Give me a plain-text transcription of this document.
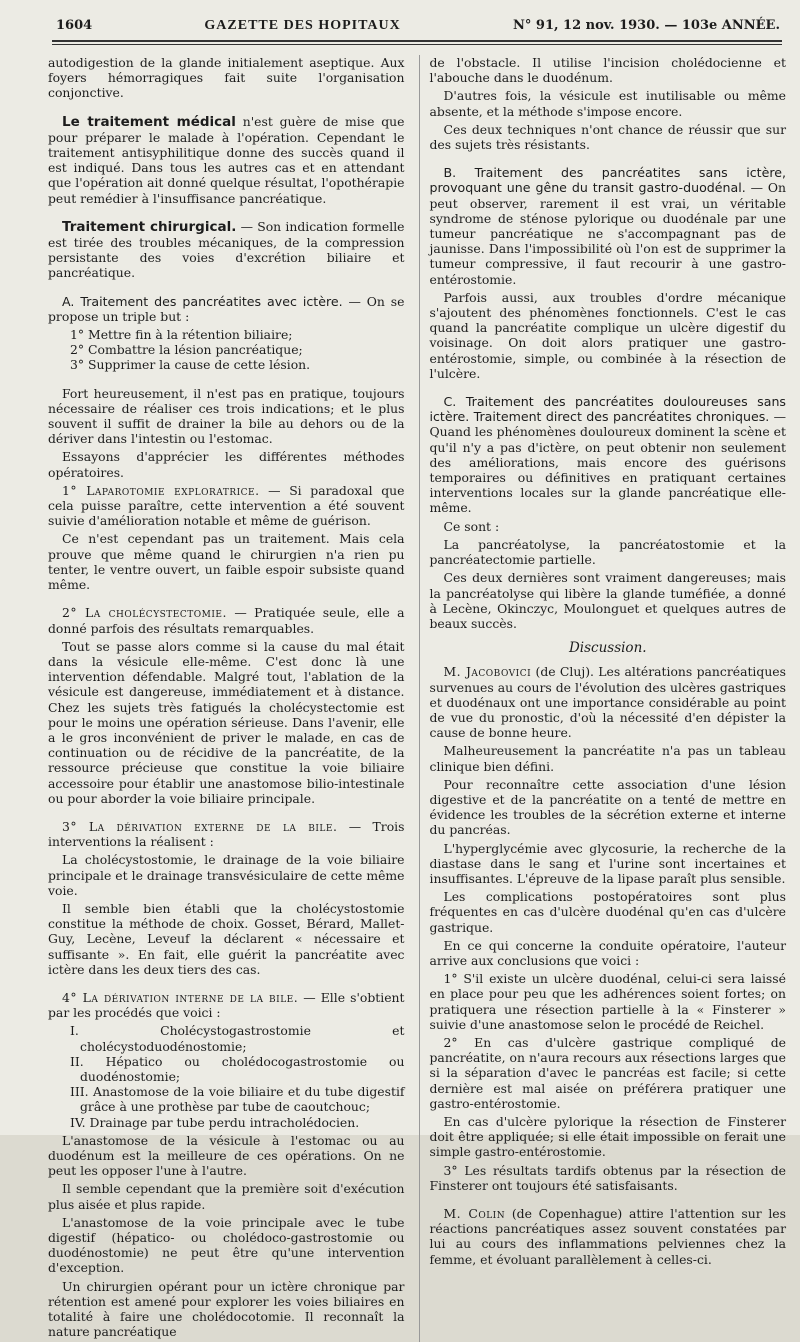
1604	GAZETTE DES HOPITAUX	N° 91, 12 nov. 1930. — 103e ANNÉE.

autodigestion de la glande initialement aseptique. Aux foyers hémorragiques fait suite l'organisation conjonctive.

Le traitement médical n'est guère de mise que pour préparer le malade à l'opération. Cependant le traitement antisyphilitique donne des succès quand il est indiqué. Dans tous les autres cas et en attendant que l'opération ait donné quelque résultat, l'opothérapie peut remédier à l'insuffisance pancréatique.

Traitement chirurgical. — Son indication formelle est tirée des troubles mécaniques, de la compression persistante des voies d'excrétion biliaire et pancréatique.

A. Traitement des pancréatites avec ictère. — On se propose un triple but :

1° Mettre fin à la rétention biliaire;
2° Combattre la lésion pancréatique;
3° Supprimer la cause de cette lésion.

Fort heureusement, il n'est pas en pratique, toujours nécessaire de réaliser ces trois indications; et le plus souvent il suffit de drainer la bile au dehors ou de la dériver dans l'intestin ou l'estomac.

Essayons d'apprécier les différentes méthodes opératoires.

1° Laparotomie exploratrice. — Si paradoxal que cela puisse paraître, cette intervention a été souvent suivie d'amélioration notable et même de guérison.

Ce n'est cependant pas un traitement. Mais cela prouve que même quand le chirurgien n'a rien pu tenter, le ventre ouvert, un faible espoir subsiste quand même.

2° La cholécystectomie. — Pratiquée seule, elle a donné parfois des résultats remarquables.

Tout se passe alors comme si la cause du mal était dans la vésicule elle-même. C'est donc là une intervention défendable. Malgré tout, l'ablation de la vésicule est dangereuse, immédiatement et à distance. Chez les sujets très fatigués la cholécystectomie est pour le moins une opération sérieuse. Dans l'avenir, elle a le gros inconvénient de priver le malade, en cas de continuation ou de récidive de la pancréatite, de la ressource précieuse que constitue la voie biliaire accessoire pour établir une anastomose bilio-intestinale ou pour aborder la voie biliaire principale.

3° La dérivation externe de la bile. — Trois interventions la réalisent :

La cholécystostomie, le drainage de la voie biliaire principale et le drainage transvésiculaire de cette même voie.

Il semble bien établi que la cholécystostomie constitue la méthode de choix. Gosset, Bérard, Mallet-Guy, Lecène, Leveuf la déclarent « nécessaire et suffisante ». En fait, elle guérit la pancréatite avec ictère dans les deux tiers des cas.

4° La dérivation interne de la bile. — Elle s'obtient par les procédés que voici :

I. Cholécystogastrostomie et cholécystoduodénostomie;
II. Hépatico ou cholédocogastrostomie ou duodénostomie;
III. Anastomose de la voie biliaire et du tube digestif grâce à une prothèse par tube de caoutchouc;
IV. Drainage par tube perdu intracholédocien.

L'anastomose de la vésicule à l'estomac ou au duodénum est la meilleure de ces opérations. On ne peut les opposer l'une à l'autre.

Il semble cependant que la première soit d'exécution plus aisée et plus rapide.

L'anastomose de la voie principale avec le tube digestif (hépatico- ou cholédoco-gastrostomie ou duodénostomie) ne peut être qu'une intervention d'exception.

Un chirurgien opérant pour un ictère chronique par rétention est amené pour explorer les voies biliaires en totalité à faire une cholédocotomie. Il reconnaît la nature pancréatique

de l'obstacle. Il utilise l'incision cholédocienne et l'abouche dans le duodénum.

D'autres fois, la vésicule est inutilisable ou même absente, et la méthode s'impose encore.

Ces deux techniques n'ont chance de réussir que sur des sujets très résistants.

B. Traitement des pancréatites sans ictère, provoquant une gêne du transit gastro-duodénal. — On peut observer, rarement il est vrai, un véritable syndrome de sténose pylorique ou duodénale par une tumeur pancréatique ne s'accompagnant pas de jaunisse. Dans l'impossibilité où l'on est de supprimer la tumeur compressive, il faut recourir à une gastro-entérostomie.

Parfois aussi, aux troubles d'ordre mécanique s'ajoutent des phénomènes fonctionnels. C'est le cas quand la pancréatite complique un ulcère digestif du voisinage. On doit alors pratiquer une gastro-entérostomie, simple, ou combinée à la résection de l'ulcère.

C. Traitement des pancréatites douloureuses sans ictère. Traitement direct des pancréatites chroniques. — Quand les phénomènes douloureux dominent la scène et qu'il n'y a pas d'ictère, on peut obtenir non seulement des améliorations, mais encore des guérisons temporaires ou définitives en pratiquant certaines interventions locales sur la glande pancréatique elle-même.

Ce sont :

La pancréatolyse, la pancréatostomie et la pancréatectomie partielle.

Ces deux dernières sont vraiment dangereuses; mais la pancréatolyse qui libère la glande tuméfiée, a donné à Lecène, Okinczyc, Moulonguet et quelques autres de beaux succès.

Discussion.

M. Jacobovici (de Cluj). Les altérations pancréatiques survenues au cours de l'évolution des ulcères gastriques et duodénaux ont une importance considérable au point de vue du pronostic, d'où la nécessité d'en dépister la cause de bonne heure.

Malheureusement la pancréatite n'a pas un tableau clinique bien défini.

Pour reconnaître cette association d'une lésion digestive et de la pancréatite on a tenté de mettre en évidence les troubles de la sécrétion externe et interne du pancréas.

L'hyperglycémie avec glycosurie, la recherche de la diastase dans le sang et l'urine sont incertaines et insuffisantes. L'épreuve de la lipase paraît plus sensible.

Les complications postopératoires sont plus fréquentes en cas d'ulcère duodénal qu'en cas d'ulcère gastrique.

En ce qui concerne la conduite opératoire, l'auteur arrive aux conclusions que voici :

1° S'il existe un ulcère duodénal, celui-ci sera laissé en place pour peu que les adhérences soient fortes; on pratiquera une résection partielle à la « Finsterer » suivie d'une anastomose selon le procédé de Reichel.

2° En cas d'ulcère gastrique compliqué de pancréatite, on n'aura recours aux résections larges que si la séparation d'avec le pancréas est facile; si cette dernière est mal aisée on préférera pratiquer une gastro-entérostomie.

En cas d'ulcère pylorique la résection de Finsterer doit être appliquée; si elle était impossible on ferait une simple gastro-entérostomie.

3° Les résultats tardifs obtenus par la résection de Finsterer ont toujours été satisfaisants.

M. Colin (de Copenhague) attire l'attention sur les réactions pancréatiques assez souvent constatées par lui au cours des inflammations pelviennes chez la femme, et évoluant parallèlement à celles-ci.
